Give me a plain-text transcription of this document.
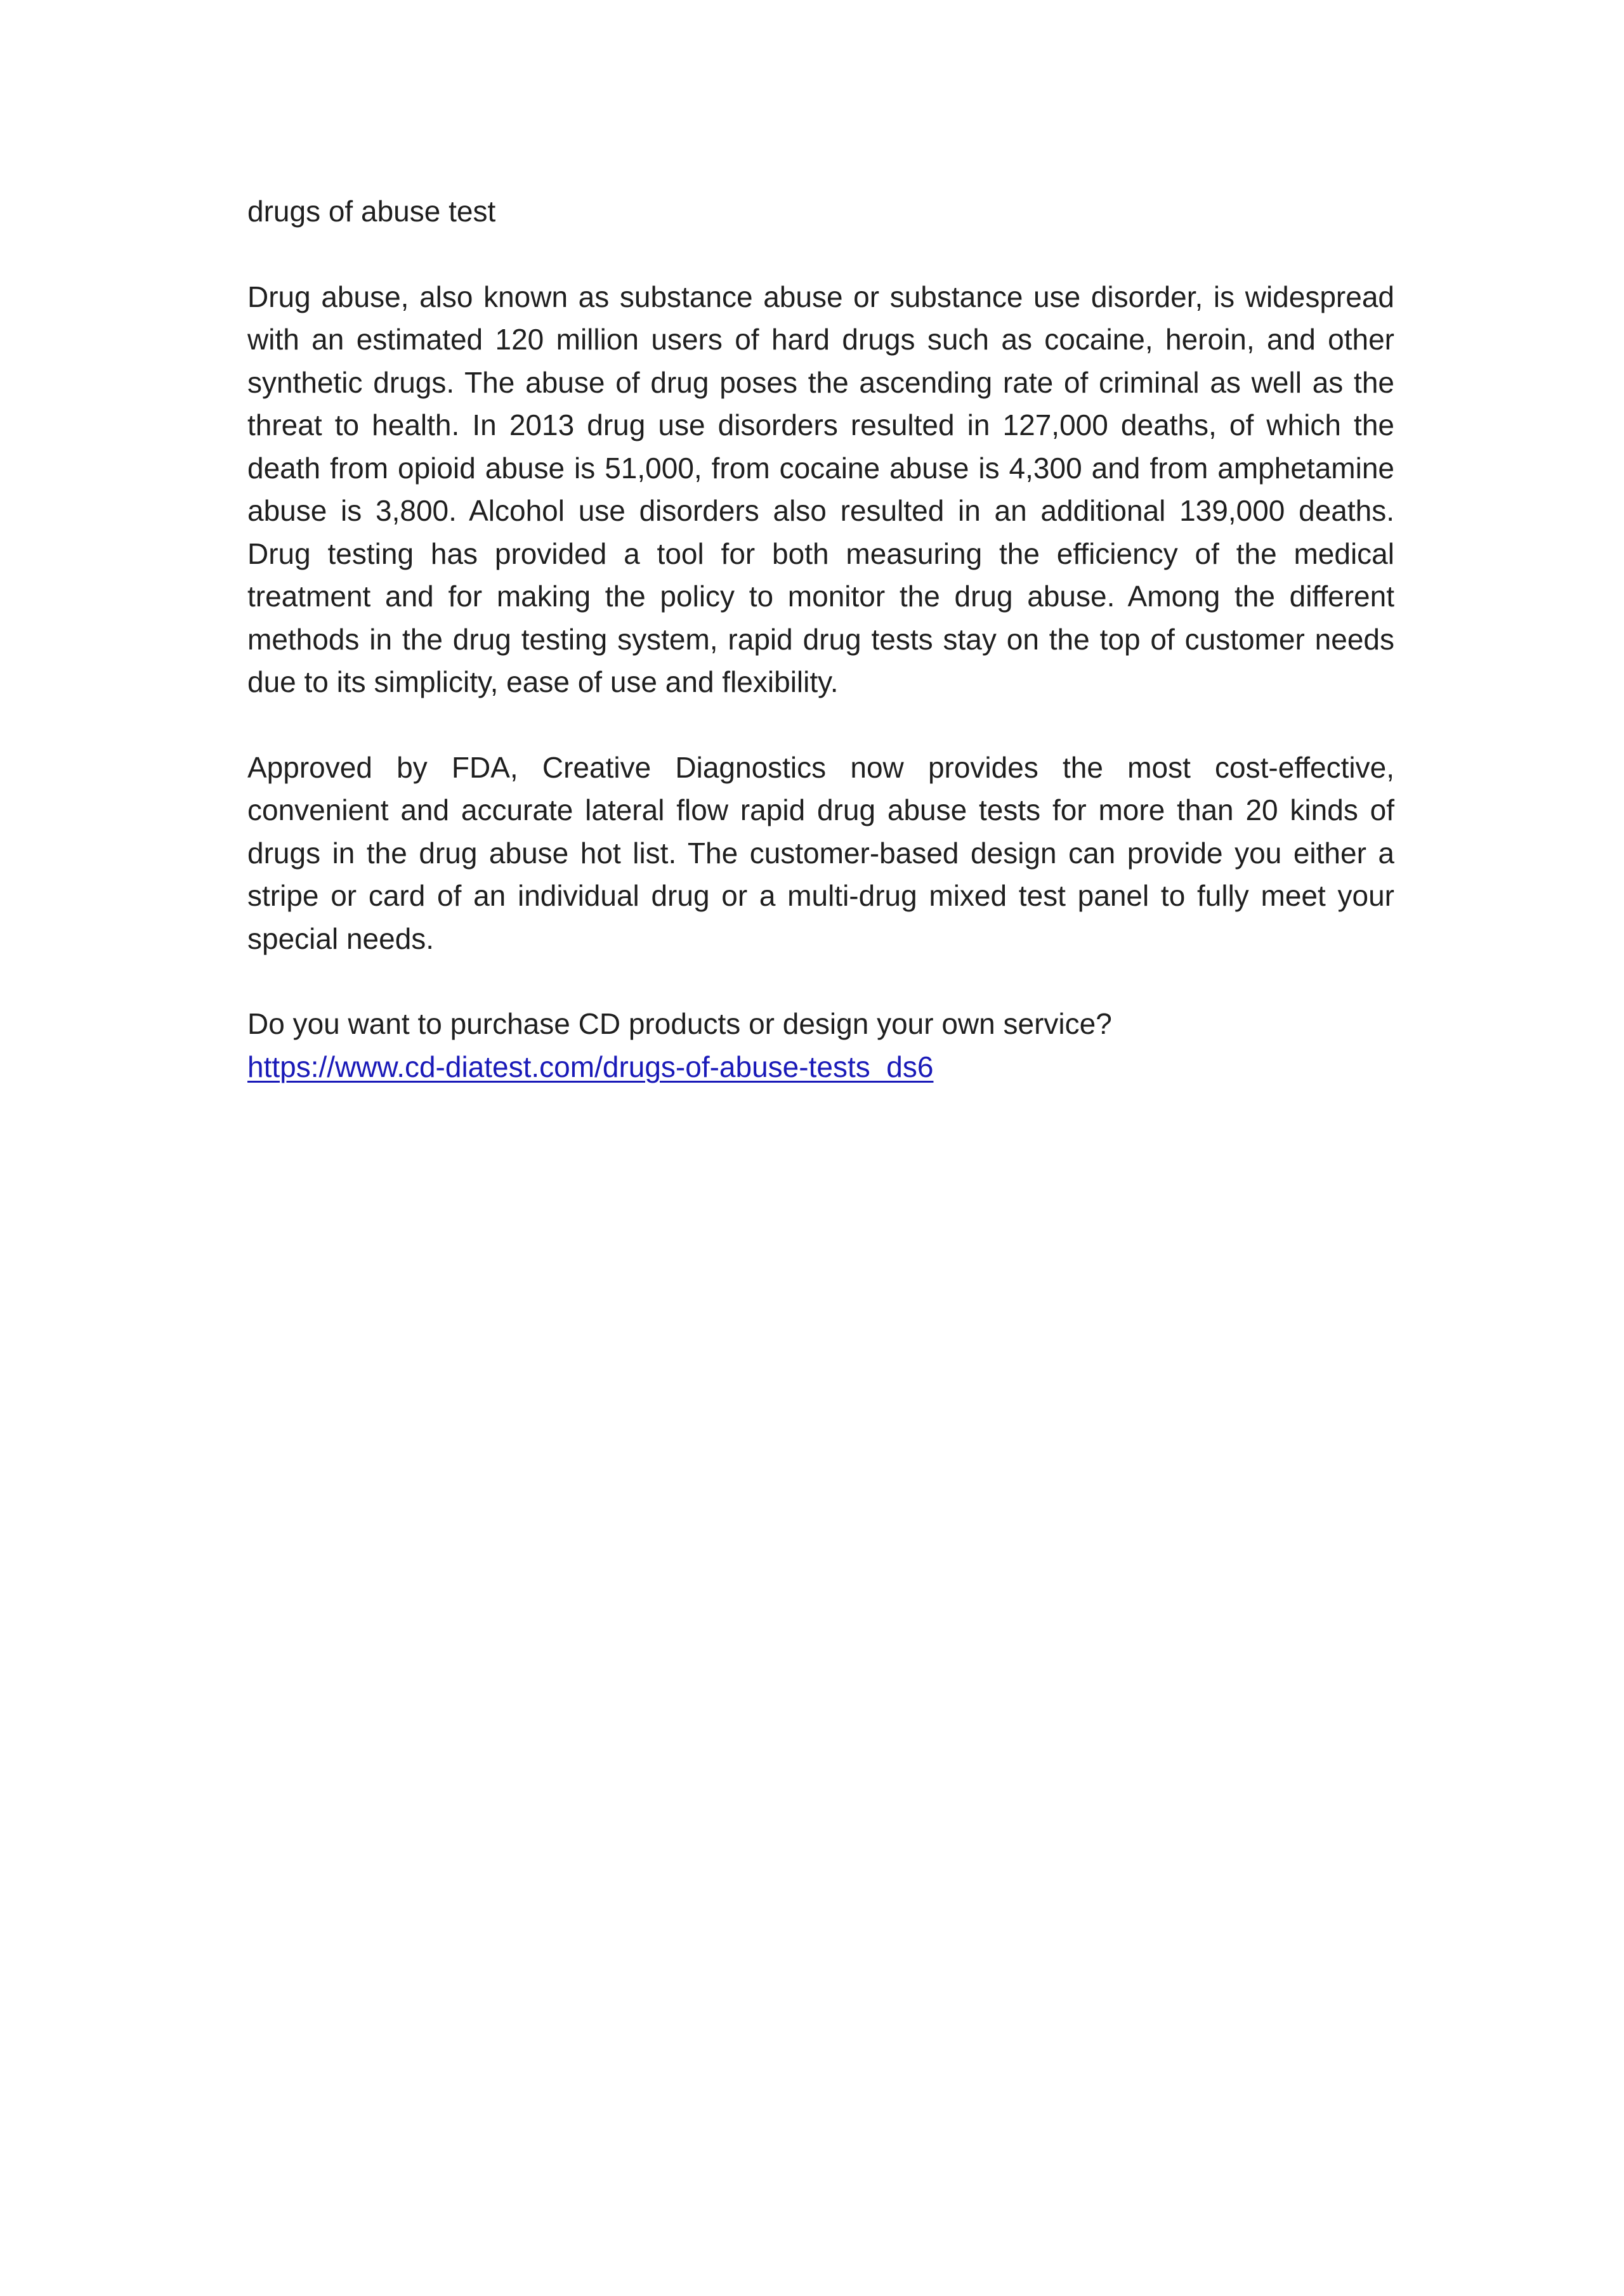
drugs of abuse test
Drug abuse, also known as substance abuse or substance use disorder, is widespread with an estimated 120 million users of hard drugs such as cocaine, heroin, and other synthetic drugs. The abuse of drug poses the ascending rate of criminal as well as the threat to health. In 2013 drug use disorders resulted in 127,000 deaths, of which the death from opioid abuse is 51,000, from cocaine abuse is 4,300 and from amphetamine abuse is 3,800. Alcohol use disorders also resulted in an additional 139,000 deaths. Drug testing has provided a tool for both measuring the efficiency of the medical treatment and for making the policy to monitor the drug abuse. Among the different methods in the drug testing system, rapid drug tests stay on the top of customer needs due to its simplicity, ease of use and flexibility.
Approved by FDA, Creative Diagnostics now provides the most cost-effective, convenient and accurate lateral flow rapid drug abuse tests for more than 20 kinds of drugs in the drug abuse hot list. The customer-based design can provide you either a stripe or card of an individual drug or a multi-drug mixed test panel to fully meet your special needs.
Do you want to purchase CD products or design your own service?
https://www.cd-diatest.com/drugs-of-abuse-tests_ds6
